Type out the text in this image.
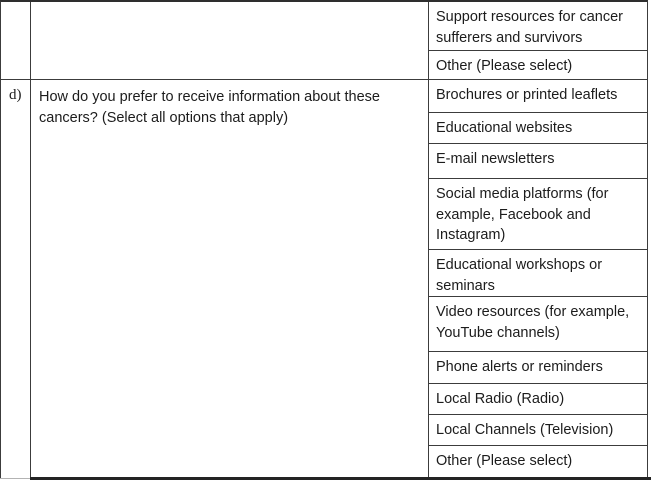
Support resources for cancer sufferers and survivors
Other (Please select)
d)	How do you prefer to receive information about these cancers? (Select all options that apply)
Brochures or printed leaflets
Educational websites
E-mail newsletters
Social media platforms (for example, Facebook and Instagram)
Educational workshops or seminars
Video resources (for example, YouTube channels)
Phone alerts or reminders
Local Radio (Radio)
Local Channels (Television)
Other (Please select)
